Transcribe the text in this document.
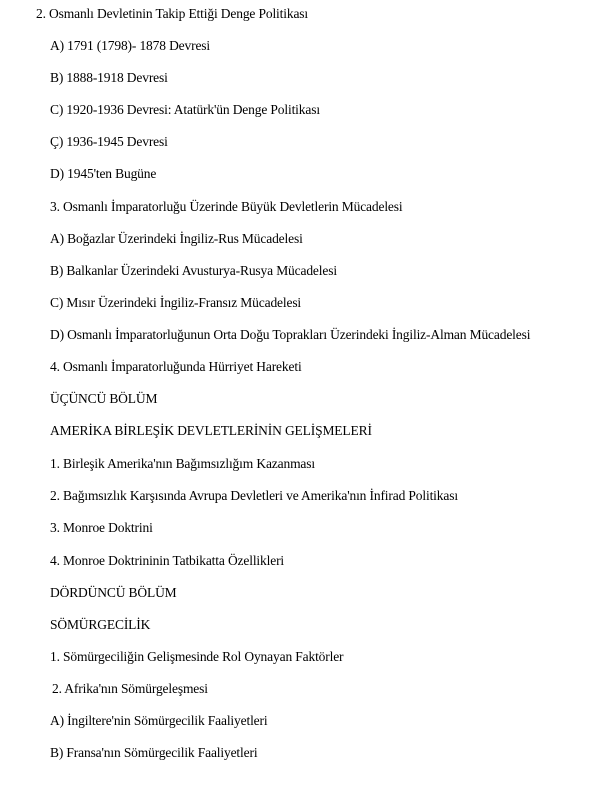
2. Osmanlı Devletinin Takip Ettiği Denge Politikası
A) 1791 (1798)- 1878 Devresi
B) 1888-1918 Devresi
C) 1920-1936 Devresi: Atatürk'ün Denge Politikası
Ç) 1936-1945 Devresi
D) 1945'ten Bugüne
3. Osmanlı İmparatorluğu Üzerinde Büyük Devletlerin Mücadelesi
A) Boğazlar Üzerindeki İngiliz-Rus Mücadelesi
B) Balkanlar Üzerindeki Avusturya-Rusya Mücadelesi
C) Mısır Üzerindeki İngiliz-Fransız Mücadelesi
D) Osmanlı İmparatorluğunun Orta Doğu Toprakları Üzerindeki İngiliz-Alman Mücadelesi
4. Osmanlı İmparatorluğunda Hürriyet Hareketi
ÜÇÜNCÜ BÖLÜM
AMERİKA BİRLEŞİK DEVLETLERİNİN GELİŞMELERİ
1. Birleşik Amerika'nın Bağımsızlığım Kazanması
2. Bağımsızlık Karşısında Avrupa Devletleri ve Amerika'nın İnfirad Politikası
3. Monroe Doktrini
4. Monroe Doktrininin Tatbikatta Özellikleri
DÖRDÜNCÜ BÖLÜM
SÖMÜRGECİLİK
1. Sömürgeciliğin Gelişmesinde Rol Oynayan Faktörler
2. Afrika'nın Sömürgeleşmesi
A) İngiltere'nin Sömürgecilik Faaliyetleri
B) Fransa'nın Sömürgecilik Faaliyetleri
